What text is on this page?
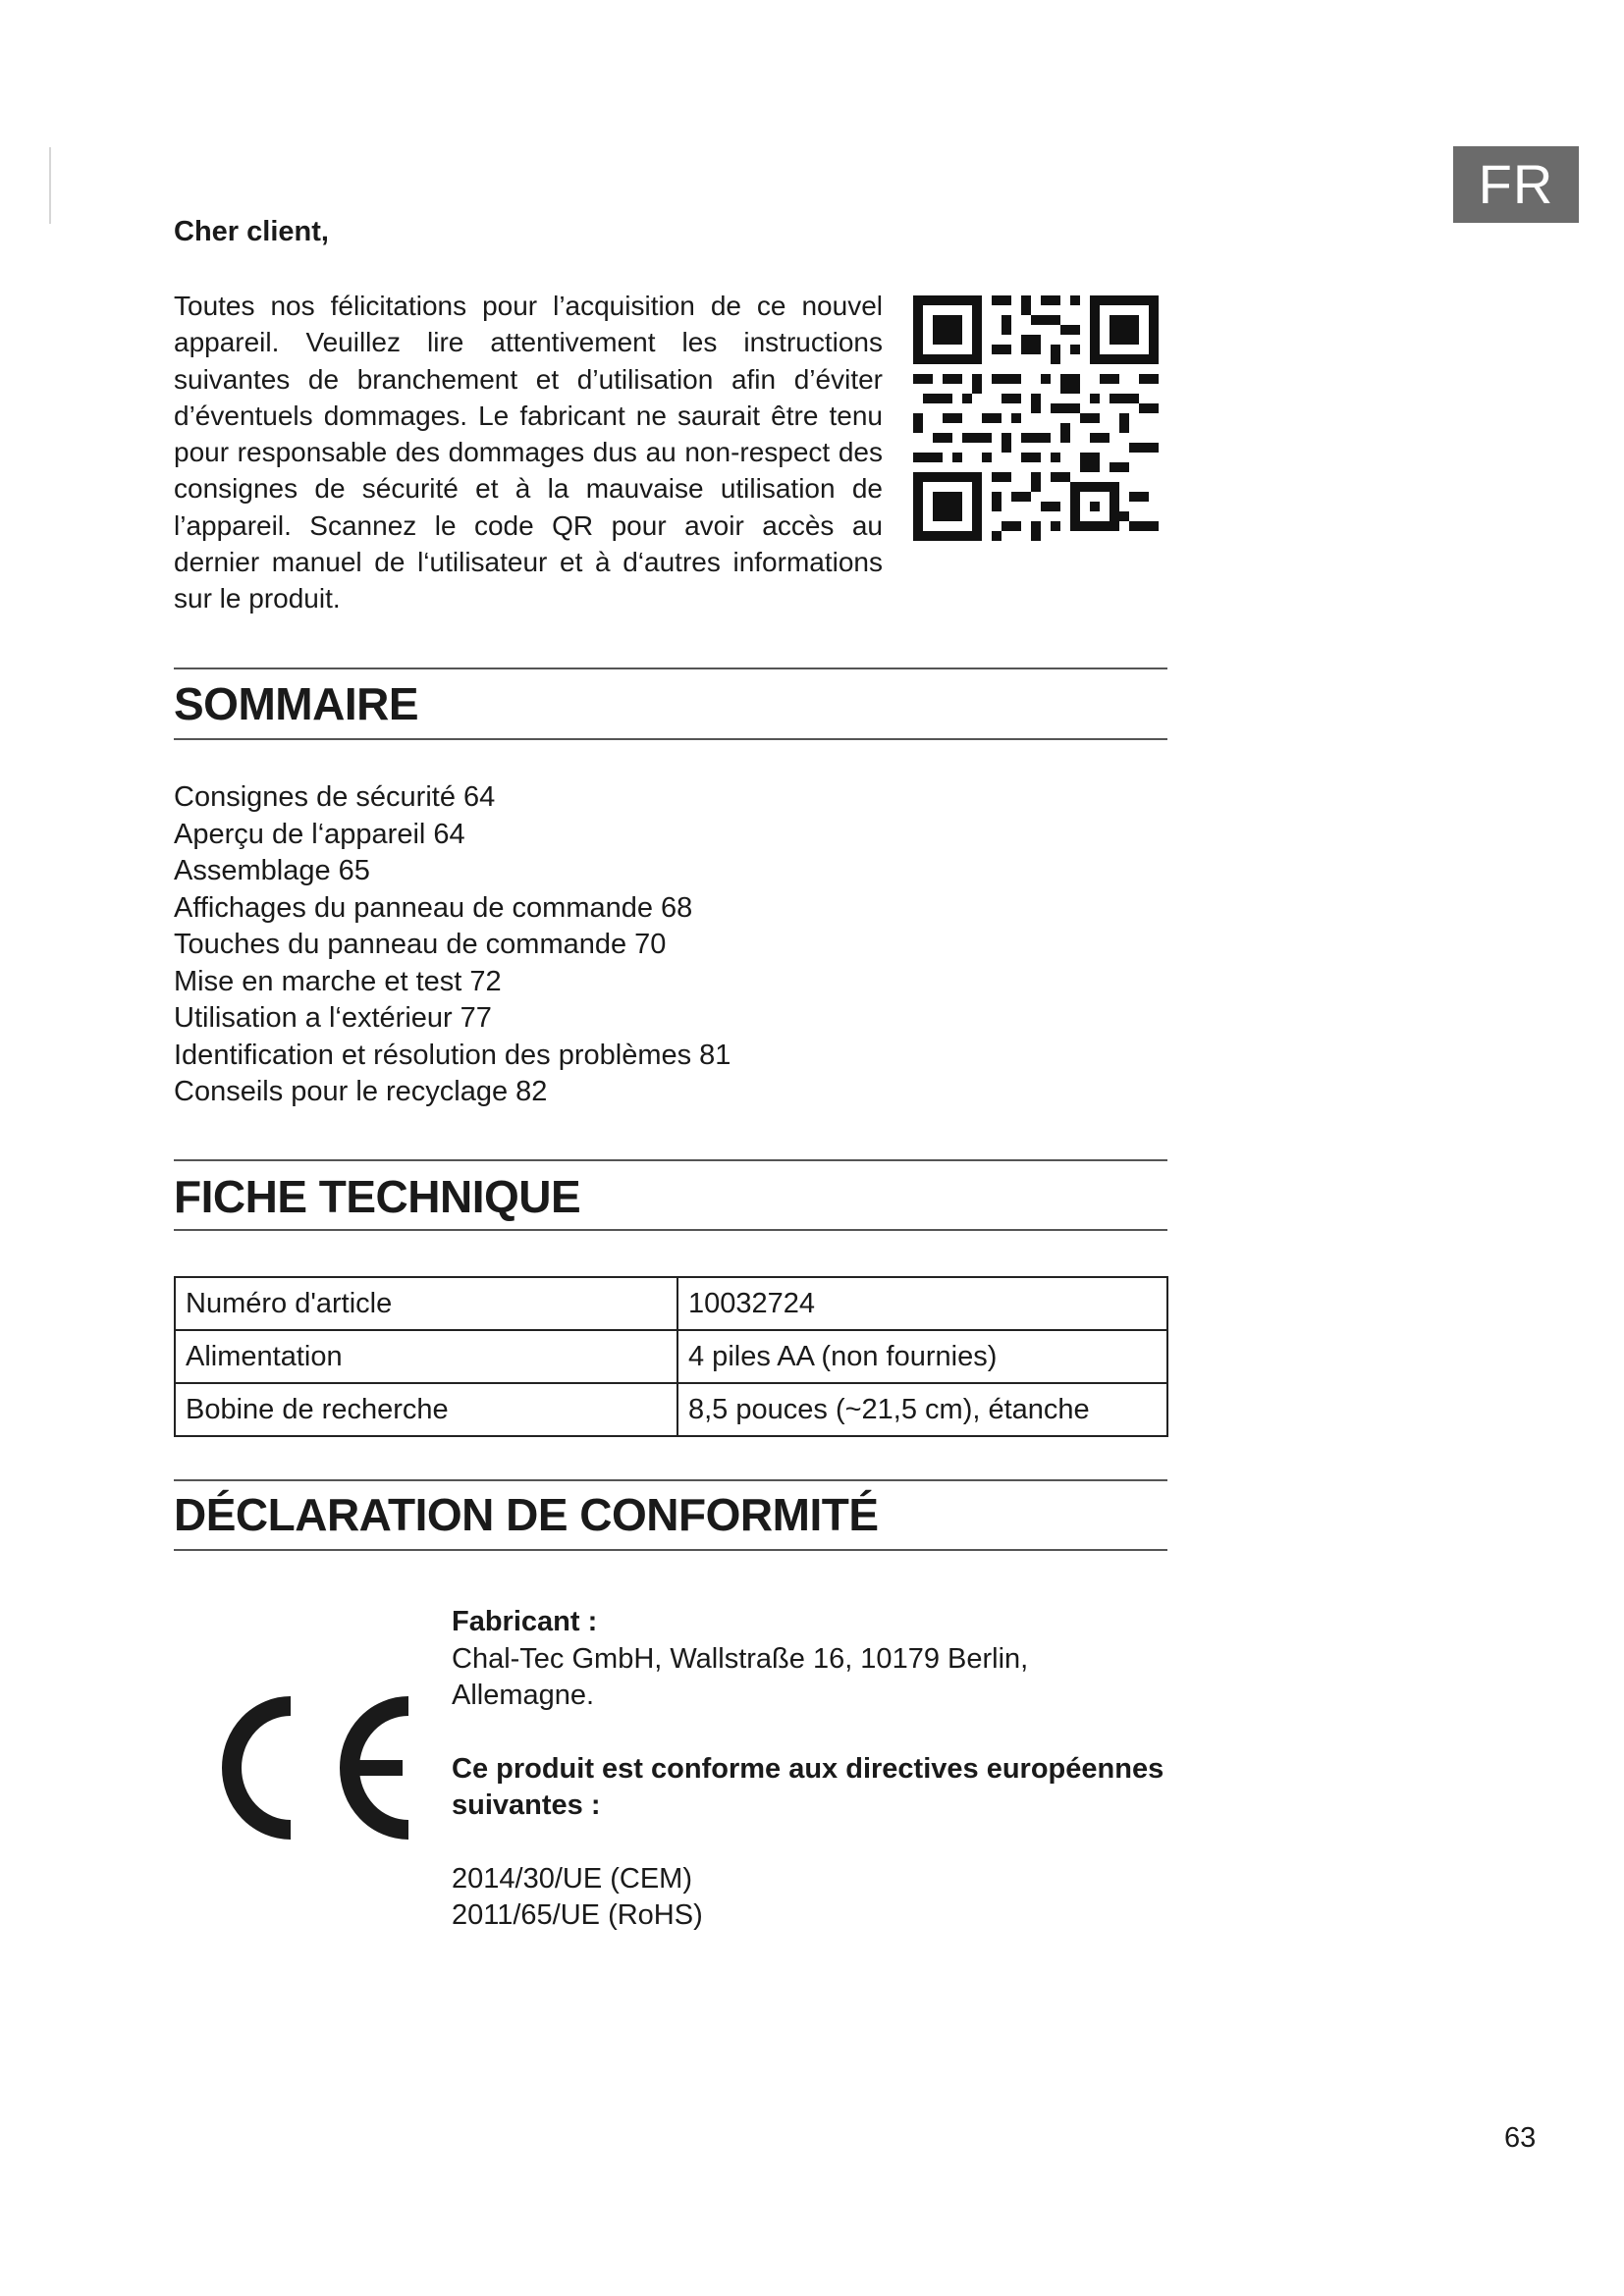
FR
Cher client,

Toutes nos félicitations pour l’acquisition de ce nouvel appareil. Veuillez lire attentivement les instructions suivantes de branchement et d’utilisation afin d’éviter d’éventuels dommages. Le fabricant ne saurait être tenu pour responsable des dommages dus au non-respect des consignes de sécurité et à la mauvaise utilisation de l’appareil. Scannez le code QR pour avoir accès au dernier manuel de l‘utilisateur et à d‘autres informations sur le produit.

SOMMAIRE
Consignes de sécurité 64
Aperçu de l‘appareil 64
Assemblage 65
Affichages du panneau de commande 68
Touches du panneau de commande 70
Mise en marche et test 72
Utilisation a l‘extérieur 77
Identification et résolution des problèmes 81
Conseils pour le recyclage 82
FICHE TECHNIQUE
Numéro d'article	10032724
Alimentation	4 piles AA (non fournies)
Bobine de recherche	8,5 pouces (~21,5 cm), étanche
DÉCLARATION DE CONFORMITÉ
Fabricant :
Chal-Tec GmbH, Wallstraße 16, 10179 Berlin,
Allemagne.
Ce produit est conforme aux directives européennes suivantes :
2014/30/UE (CEM)
2011/65/UE (RoHS)
63
